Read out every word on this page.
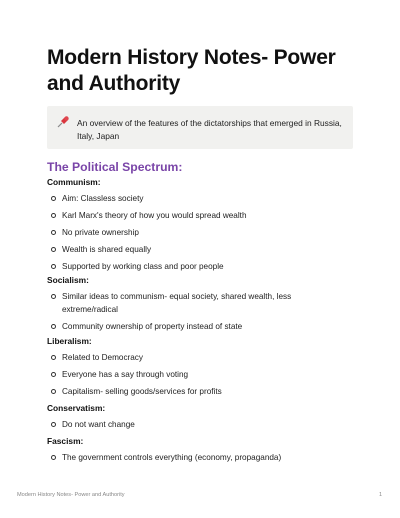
Modern History Notes- Power and Authority
An overview of the features of the dictatorships that emerged in Russia, Italy, Japan
The Political Spectrum:
Communism:
Aim: Classless society
Karl Marx's theory of how you would spread wealth
No private ownership
Wealth is shared equally
Supported by working class and poor people
Socialism:
Similar ideas to communism- equal society, shared wealth, less extreme/radical
Community ownership of property instead of state
Liberalism:
Related to Democracy
Everyone has a say through voting
Capitalism- selling goods/services for profits
Conservatism:
Do not want change
Fascism:
The government controls everything (economy, propaganda)
Modern History Notes- Power and Authority	1
